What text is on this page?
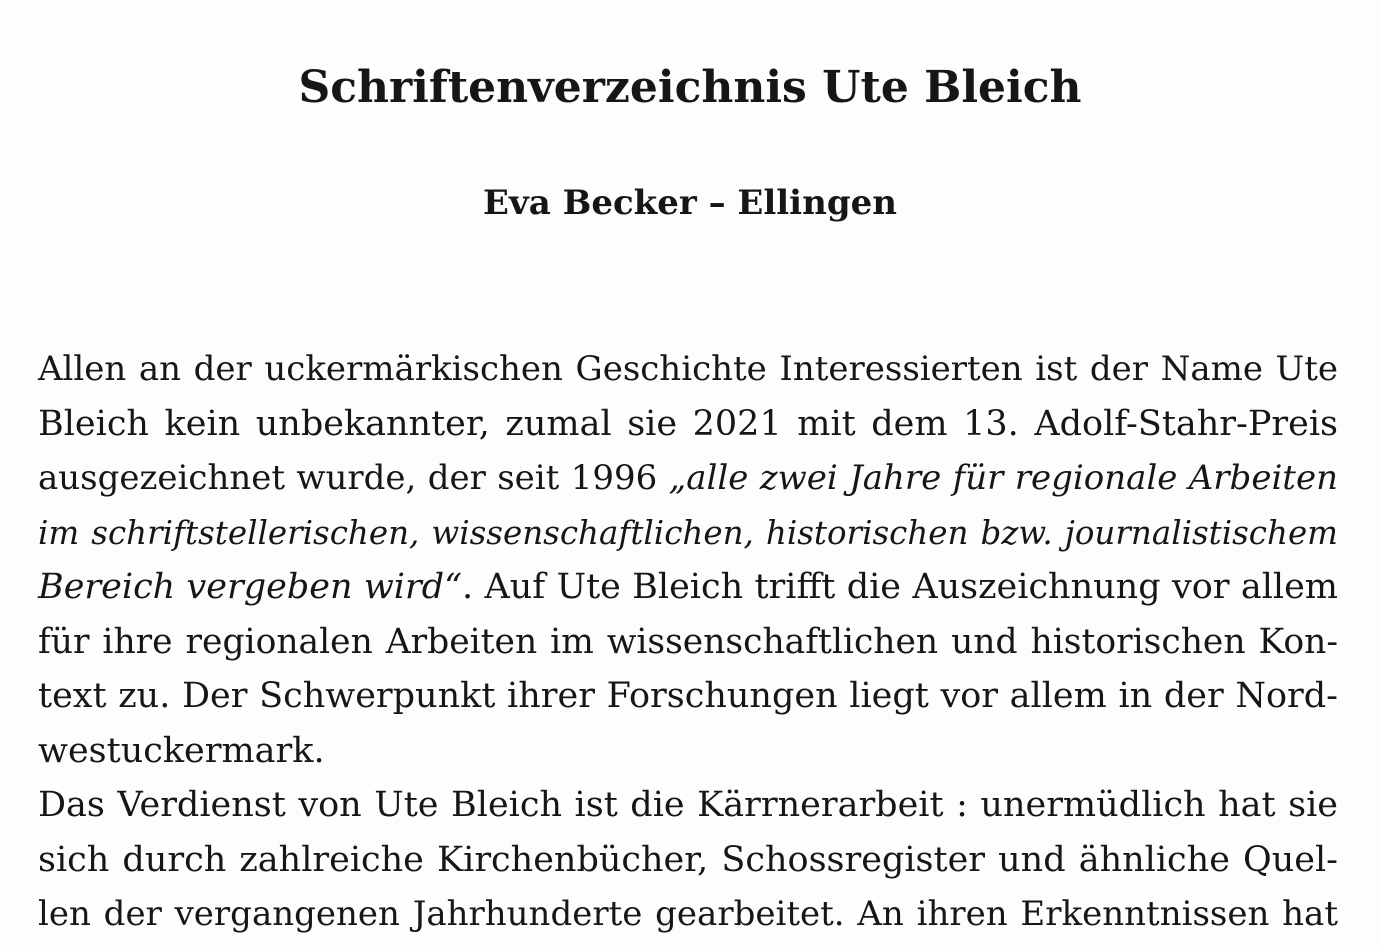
Schriftenverzeichnis Ute Bleich
Eva Becker – Ellingen
Allen an der uckermärkischen Geschichte Interessierten ist der Name Ute
Bleich kein unbekannter, zumal sie 2021 mit dem 13. Adolf-Stahr-Preis
ausgezeichnet wurde, der seit 1996 „alle zwei Jahre für regionale Arbeiten
im schriftstellerischen, wissenschaftlichen, historischen bzw. journalistischem
Bereich vergeben wird“. Auf Ute Bleich trifft die Auszeichnung vor allem
für ihre regionalen Arbeiten im wissenschaftlichen und historischen Kon-
text zu. Der Schwerpunkt ihrer Forschungen liegt vor allem in der Nord-
westuckermark.
Das Verdienst von Ute Bleich ist die Kärrnerarbeit : unermüdlich hat sie
sich durch zahlreiche Kirchenbücher, Schossregister und ähnliche Quel-
len der vergangenen Jahrhunderte gearbeitet. An ihren Erkenntnissen hat
